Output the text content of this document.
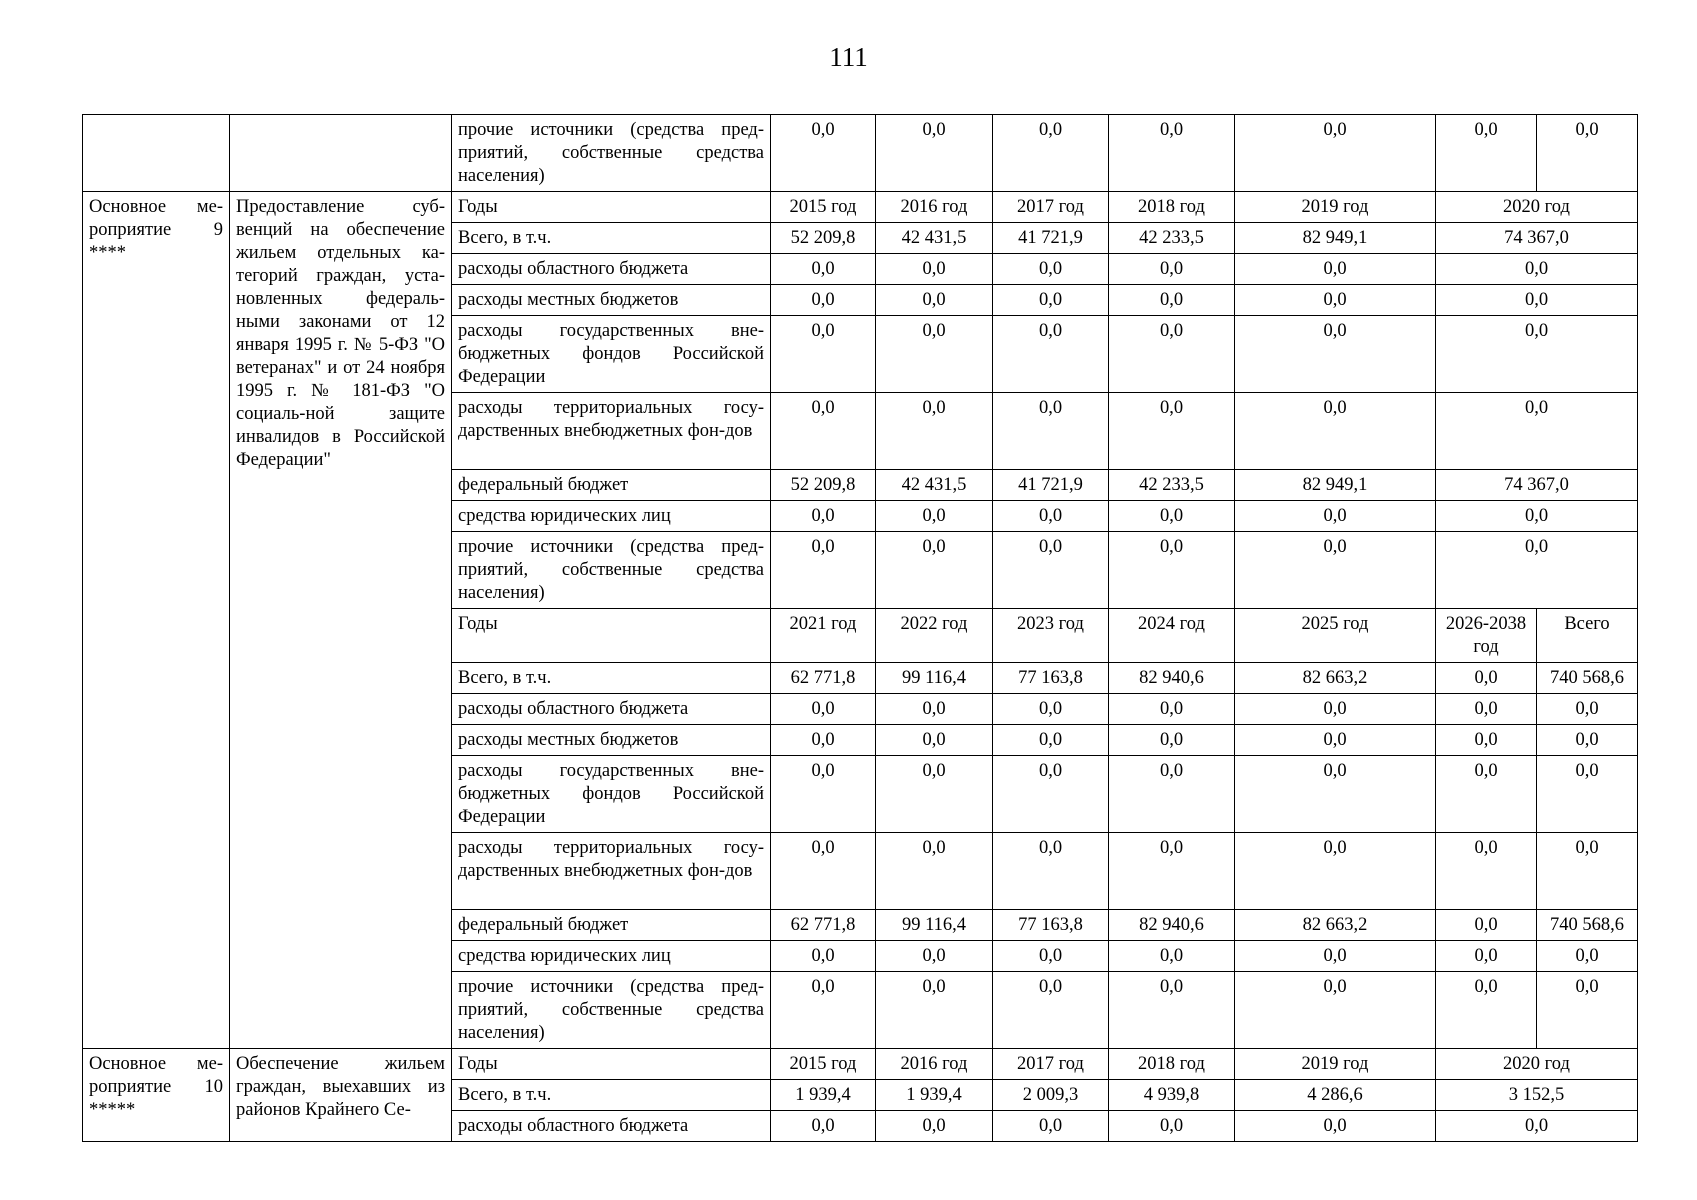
111
		прочие источники (средства пред-приятий, собственные средства населения)	0,0	0,0	0,0	0,0	0,0	0,0	0,0
Основное ме-роприятие 9 ****	Предоставление суб-венций на обеспечение жильем отдельных ка-тегорий граждан, уста-новленных федераль-ными законами от 12 января 1995 г. № 5-ФЗ "О ветеранах" и от 24 ноября 1995 г. № 181-ФЗ "О социаль-ной защите инвалидов в Российской Федерации"	Годы	2015 год	2016 год	2017 год	2018 год	2019 год	2020 год	
		Всего, в т.ч.	52 209,8	42 431,5	41 721,9	42 233,5	82 949,1	74 367,0	
		расходы областного бюджета	0,0	0,0	0,0	0,0	0,0	0,0	
		расходы местных бюджетов	0,0	0,0	0,0	0,0	0,0	0,0	
		расходы государственных вне-бюджетных фондов Российской Федерации	0,0	0,0	0,0	0,0	0,0	0,0	
		расходы территориальных госу-дарственных внебюджетных фон-дов	0,0	0,0	0,0	0,0	0,0	0,0	
		федеральный бюджет	52 209,8	42 431,5	41 721,9	42 233,5	82 949,1	74 367,0	
		средства юридических лиц	0,0	0,0	0,0	0,0	0,0	0,0	
		прочие источники (средства пред-приятий, собственные средства населения)	0,0	0,0	0,0	0,0	0,0	0,0	
		Годы	2021 год	2022 год	2023 год	2024 год	2025 год	2026-2038 год	Всего
		Всего, в т.ч.	62 771,8	99 116,4	77 163,8	82 940,6	82 663,2	0,0	740 568,6
		расходы областного бюджета	0,0	0,0	0,0	0,0	0,0	0,0	0,0
		расходы местных бюджетов	0,0	0,0	0,0	0,0	0,0	0,0	0,0
		расходы государственных вне-бюджетных фондов Российской Федерации	0,0	0,0	0,0	0,0	0,0	0,0	0,0
		расходы территориальных госу-дарственных внебюджетных фон-дов	0,0	0,0	0,0	0,0	0,0	0,0	0,0
		федеральный бюджет	62 771,8	99 116,4	77 163,8	82 940,6	82 663,2	0,0	740 568,6
		средства юридических лиц	0,0	0,0	0,0	0,0	0,0	0,0	0,0
		прочие источники (средства пред-приятий, собственные средства населения)	0,0	0,0	0,0	0,0	0,0	0,0	0,0
Основное ме-роприятие 10 *****	Обеспечение жильем граждан, выехавших из районов Крайнего Се-	Годы	2015 год	2016 год	2017 год	2018 год	2019 год	2020 год	
		Всего, в т.ч.	1 939,4	1 939,4	2 009,3	4 939,8	4 286,6	3 152,5	
		расходы областного бюджета	0,0	0,0	0,0	0,0	0,0	0,0	
